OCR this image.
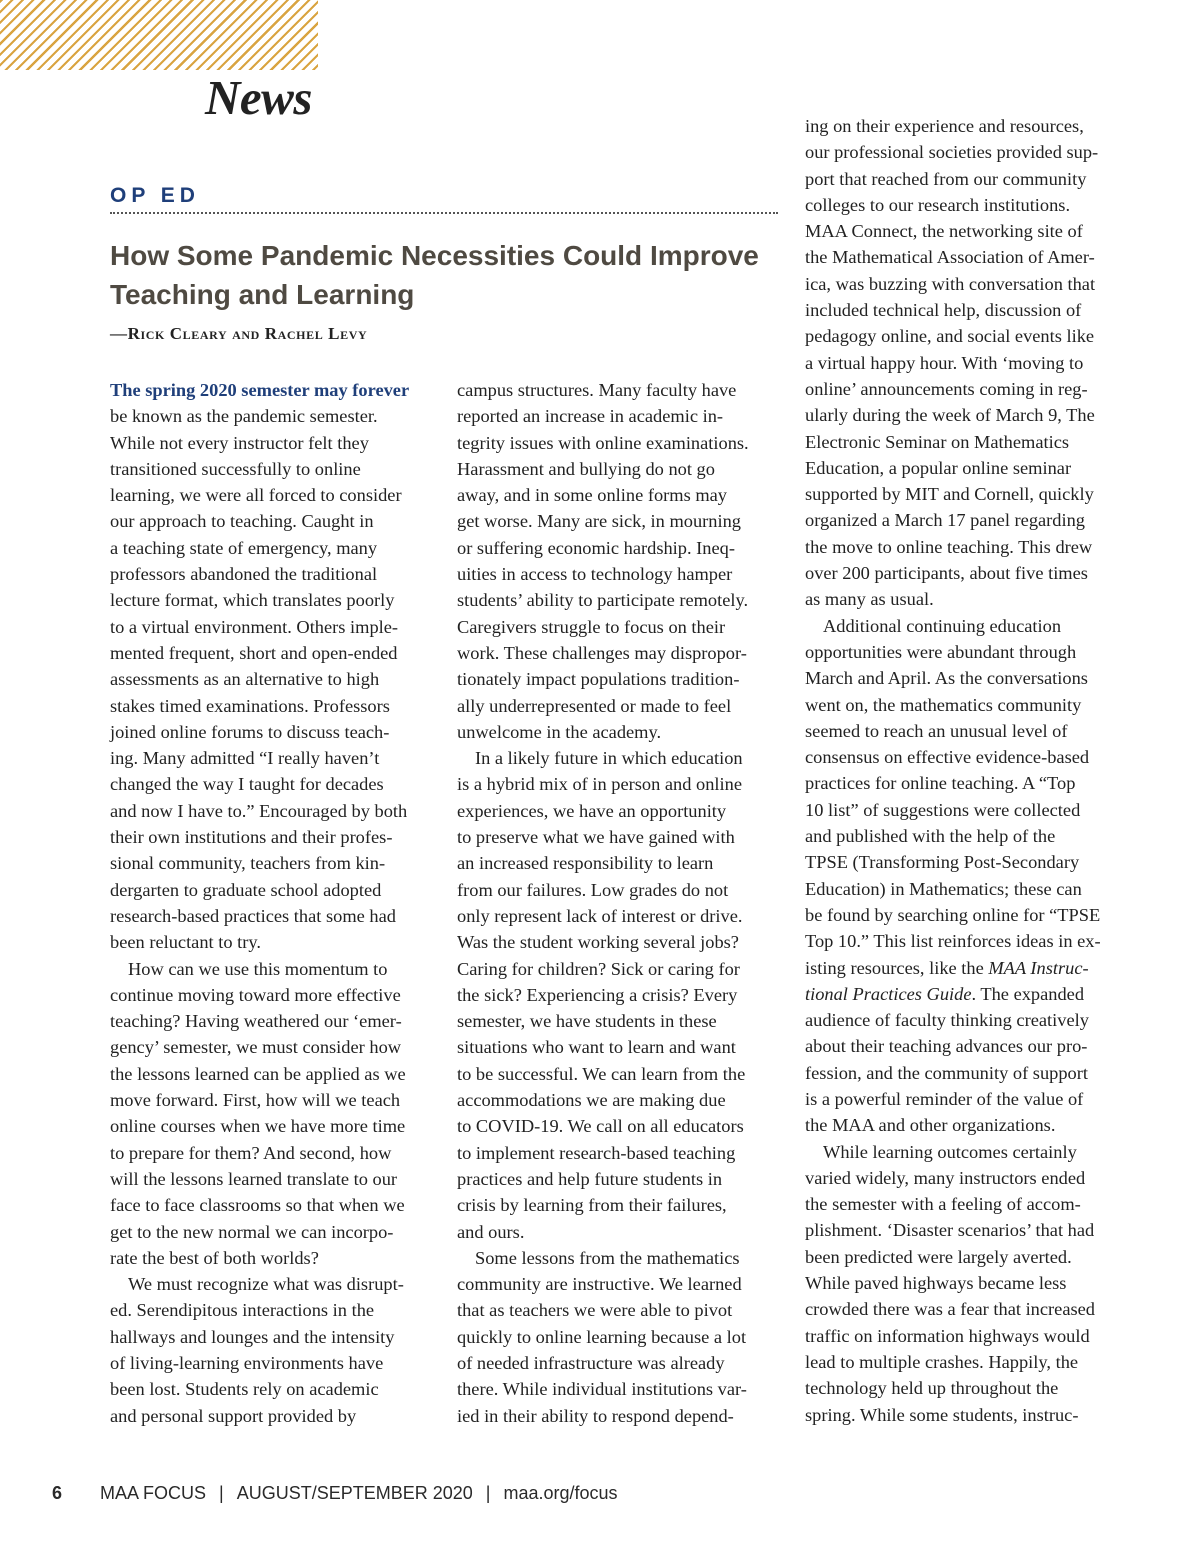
News
OP ED
How Some Pandemic Necessities Could Improve
Teaching and Learning
—Rick Cleary and Rachel Levy

The spring 2020 semester may forever

be known as the pandemic semester.

While not every instructor felt they

transitioned successfully to online

learning, we were all forced to consider

our approach to teaching. Caught in

a teaching state of emergency, many

professors abandoned the traditional

lecture format, which translates poorly

to a virtual environment. Others imple-

mented frequent, short and open-ended

assessments as an alternative to high

stakes timed examinations. Professors

joined online forums to discuss teach-

ing. Many admitted “I really haven’t

changed the way I taught for decades

and now I have to.” Encouraged by both

their own institutions and their profes-

sional community, teachers from kin-

dergarten to graduate school adopted

research-based practices that some had

been reluctant to try.

How can we use this momentum to

continue moving toward more effective

teaching? Having weathered our ‘emer-

gency’ semester, we must consider how

the lessons learned can be applied as we

move forward. First, how will we teach

online courses when we have more time

to prepare for them? And second, how

will the lessons learned translate to our

face to face classrooms so that when we

get to the new normal we can incorpo-

rate the best of both worlds?

We must recognize what was disrupt-

ed. Serendipitous interactions in the

hallways and lounges and the intensity

of living-learning environments have

been lost. Students rely on academic

and personal support provided by

campus structures. Many faculty have

reported an increase in academic in-

tegrity issues with online examinations.

Harassment and bullying do not go

away, and in some online forms may

get worse. Many are sick, in mourning

or suffering economic hardship. Ineq-

uities in access to technology hamper

students’ ability to participate remotely.

Caregivers struggle to focus on their

work. These challenges may dispropor-

tionately impact populations tradition-

ally underrepresented or made to feel

unwelcome in the academy.

In a likely future in which education

is a hybrid mix of in person and online

experiences, we have an opportunity

to preserve what we have gained with

an increased responsibility to learn

from our failures. Low grades do not

only represent lack of interest or drive.

Was the student working several jobs?

Caring for children? Sick or caring for

the sick? Experiencing a crisis? Every

semester, we have students in these

situations who want to learn and want

to be successful. We can learn from the

accommodations we are making due

to COVID-19. We call on all educators

to implement research-based teaching

practices and help future students in

crisis by learning from their failures,

and ours.

Some lessons from the mathematics

community are instructive. We learned

that as teachers we were able to pivot

quickly to online learning because a lot

of needed infrastructure was already

there. While individual institutions var-

ied in their ability to respond depend-

ing on their experience and resources,

our professional societies provided sup-

port that reached from our community

colleges to our research institutions.

MAA Connect, the networking site of

the Mathematical Association of Amer-

ica, was buzzing with conversation that

included technical help, discussion of

pedagogy online, and social events like

a virtual happy hour. With ‘moving to

online’ announcements coming in reg-

ularly during the week of March 9, The

Electronic Seminar on Mathematics

Education, a popular online seminar

supported by MIT and Cornell, quickly

organized a March 17 panel regarding

the move to online teaching. This drew

over 200 participants, about five times

as many as usual.

Additional continuing education

opportunities were abundant through

March and April. As the conversations

went on, the mathematics community

seemed to reach an unusual level of

consensus on effective evidence-based

practices for online teaching. A “Top

10 list” of suggestions were collected

and published with the help of the

TPSE (Transforming Post-Secondary

Education) in Mathematics; these can

be found by searching online for “TPSE

Top 10.” This list reinforces ideas in ex-

isting resources, like the MAA Instruc-

tional Practices Guide. The expanded

audience of faculty thinking creatively

about their teaching advances our pro-

fession, and the community of support

is a powerful reminder of the value of

the MAA and other organizations.

While learning outcomes certainly

varied widely, many instructors ended

the semester with a feeling of accom-

plishment. ‘Disaster scenarios’ that had

been predicted were largely averted.

While paved highways became less

crowded there was a fear that increased

traffic on information highways would

lead to multiple crashes. Happily, the

technology held up throughout the

spring. While some students, instruc-

6 MAA FOCUS | AUGUST/SEPTEMBER 2020 | maa.org/focus
